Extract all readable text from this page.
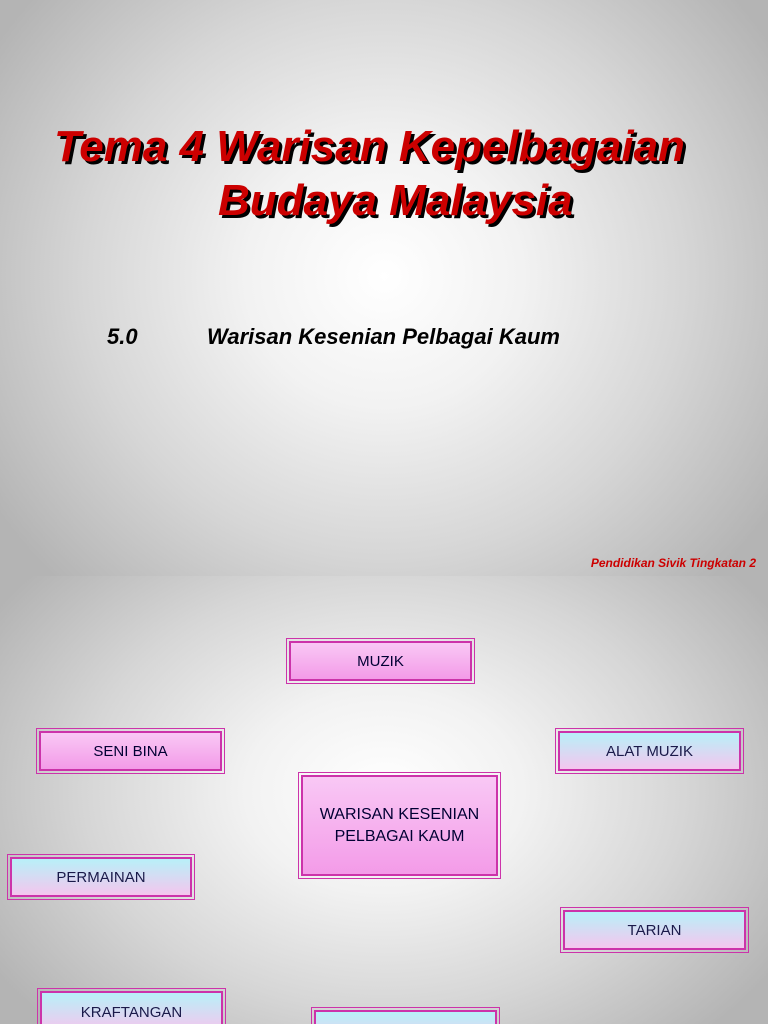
Tema 4 Warisan Kepelbagaian
Budaya Malaysia
5.0	Warisan Kesenian Pelbagai Kaum
Pendidikan Sivik Tingkatan 2
MUZIK
SENI BINA	ALAT MUZIK
WARISAN KESENIAN
PELBAGAI KAUM
PERMAINAN
TARIAN
KRAFTANGAN
